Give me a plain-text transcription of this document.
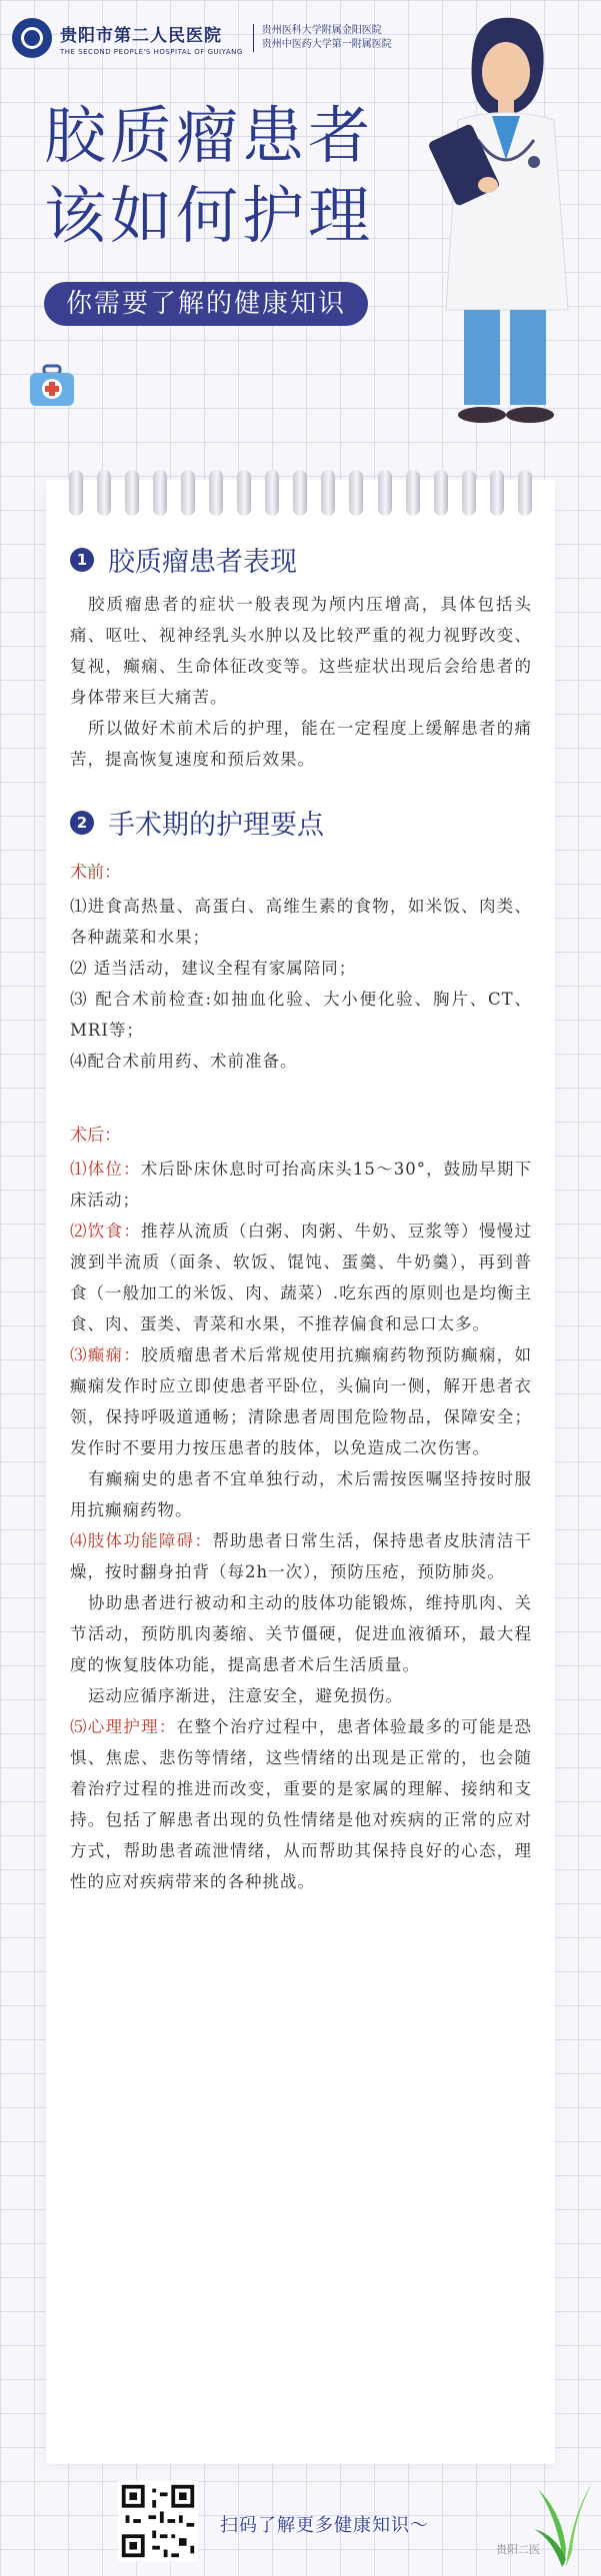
贵阳市第二人民医院
THE SECOND PEOPLE'S HOSPITAL OF GUIYANG
贵州医科大学附属金阳医院
贵州中医药大学第一附属医院
胶质瘤患者
该如何护理
你需要了解的健康知识
1 胶质瘤患者表现

胶质瘤患者的症状一般表现为颅内压增高，具体包括头痛、呕吐、视神经乳头水肿以及比较严重的视力视野改变、复视，癫痫、生命体征改变等。这些症状出现后会给患者的身体带来巨大痛苦。

所以做好术前术后的护理，能在一定程度上缓解患者的痛苦，提高恢复速度和预后效果。

2 手术期的护理要点
术前：

⑴进食高热量、高蛋白、高维生素的食物，如米饭、肉类、各种蔬菜和水果；

⑵ 适当活动，建议全程有家属陪同；

⑶ 配合术前检查:如抽血化验、大小便化验、胸片、CT、MRI等；

⑷配合术前用药、术前准备。

术后：

⑴体位：术后卧床休息时可抬高床头15～30°，鼓励早期下床活动；

⑵饮食：推荐从流质（白粥、肉粥、牛奶、豆浆等）慢慢过渡到半流质（面条、软饭、馄饨、蛋羹、牛奶羹），再到普食（一般加工的米饭、肉、蔬菜）.吃东西的原则也是均衡主食、肉、蛋类、青菜和水果，不推荐偏食和忌口太多。

⑶癫痫：胶质瘤患者术后常规使用抗癫痫药物预防癫痫，如癫痫发作时应立即使患者平卧位，头偏向一侧，解开患者衣领，保持呼吸道通畅；清除患者周围危险物品，保障安全；发作时不要用力按压患者的肢体，以免造成二次伤害。

有癫痫史的患者不宜单独行动，术后需按医嘱坚持按时服用抗癫痫药物。

⑷肢体功能障碍：帮助患者日常生活，保持患者皮肤清洁干燥，按时翻身拍背（每2h一次），预防压疮，预防肺炎。

协助患者进行被动和主动的肢体功能锻炼，维持肌肉、关节活动，预防肌肉萎缩、关节僵硬，促进血液循环，最大程度的恢复肢体功能，提高患者术后生活质量。

运动应循序渐进，注意安全，避免损伤。

⑸心理护理：在整个治疗过程中，患者体验最多的可能是恐惧、焦虑、悲伤等情绪，这些情绪的出现是正常的，也会随着治疗过程的推进而改变，重要的是家属的理解、接纳和支持。包括了解患者出现的负性情绪是他对疾病的正常的应对方式，帮助患者疏泄情绪，从而帮助其保持良好的心态，理性的应对疾病带来的各种挑战。

扫码了解更多健康知识～
贵阳二医
